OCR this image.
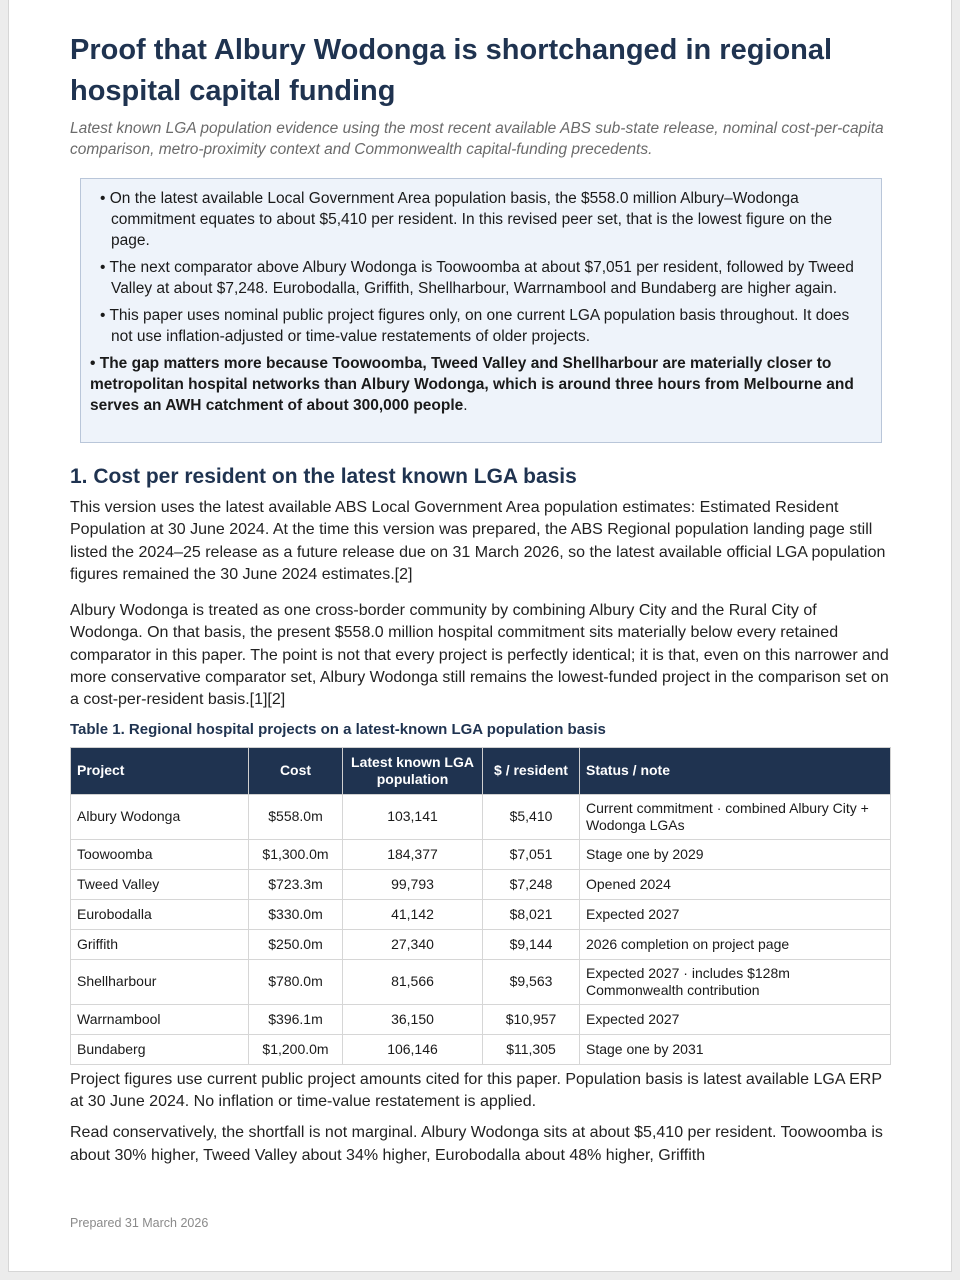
Proof that Albury Wodonga is shortchanged in regional hospital capital funding

Latest known LGA population evidence using the most recent available ABS sub-state release, nominal cost-per-capita comparison, metro-proximity context and Commonwealth capital-funding precedents.

• On the latest available Local Government Area population basis, the $558.0 million Albury–Wodonga commitment equates to about $5,410 per resident. In this revised peer set, that is the lowest figure on the page.

• The next comparator above Albury Wodonga is Toowoomba at about $7,051 per resident, followed by Tweed Valley at about $7,248. Eurobodalla, Griffith, Shellharbour, Warrnambool and Bundaberg are higher again.

• This paper uses nominal public project figures only, on one current LGA population basis throughout. It does not use inflation-adjusted or time-value restatements of older projects.

• The gap matters more because Toowoomba, Tweed Valley and Shellharbour are materially closer to metropolitan hospital networks than Albury Wodonga, which is around three hours from Melbourne and serves an AWH catchment of about 300,000 people.

1. Cost per resident on the latest known LGA basis

This version uses the latest available ABS Local Government Area population estimates: Estimated Resident Population at 30 June 2024. At the time this version was prepared, the ABS Regional population landing page still listed the 2024–25 release as a future release due on 31 March 2026, so the latest available official LGA population figures remained the 30 June 2024 estimates.[2]

Albury Wodonga is treated as one cross-border community by combining Albury City and the Rural City of Wodonga. On that basis, the present $558.0 million hospital commitment sits materially below every retained comparator in this paper. The point is not that every project is perfectly identical; it is that, even on this narrower and more conservative comparator set, Albury Wodonga still remains the lowest-funded project in the comparison set on a cost-per-resident basis.[1][2]

Table 1. Regional hospital projects on a latest-known LGA population basis

Project	Cost	Latest known LGA population	$ / resident	Status / note
Albury Wodonga	$558.0m	103,141	$5,410	Current commitment · combined Albury City + Wodonga LGAs
Toowoomba	$1,300.0m	184,377	$7,051	Stage one by 2029
Tweed Valley	$723.3m	99,793	$7,248	Opened 2024
Eurobodalla	$330.0m	41,142	$8,021	Expected 2027
Griffith	$250.0m	27,340	$9,144	2026 completion on project page
Shellharbour	$780.0m	81,566	$9,563	Expected 2027 · includes $128m Commonwealth contribution
Warrnambool	$396.1m	36,150	$10,957	Expected 2027
Bundaberg	$1,200.0m	106,146	$11,305	Stage one by 2031

Project figures use current public project amounts cited for this paper. Population basis is latest available LGA ERP at 30 June 2024. No inflation or time-value restatement is applied.

Read conservatively, the shortfall is not marginal. Albury Wodonga sits at about $5,410 per resident. Toowoomba is about 30% higher, Tweed Valley about 34% higher, Eurobodalla about 48% higher, Griffith

Prepared 31 March 2026
